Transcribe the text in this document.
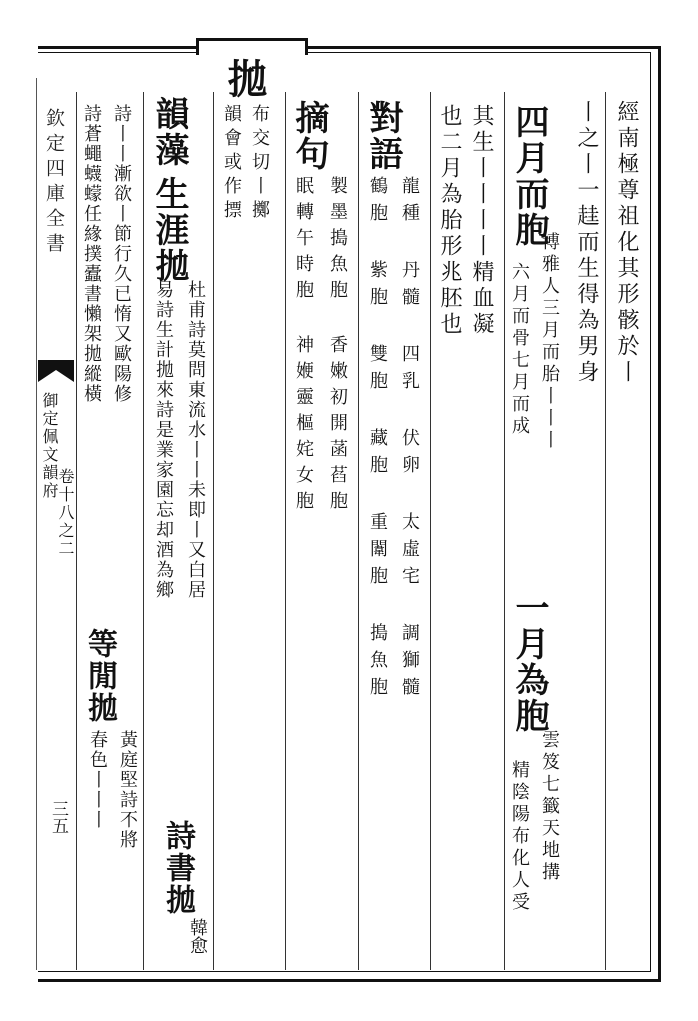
拋
欽定四庫全書
御定佩文韻府
卷十八之二
三五
經南極尊祖化其形骸於丨
丨之丨一䞨而生得為男身
四月而胞
博雅人三月而胎丨丨丨
六月而骨七月而成
一月為胞
雲笈七籤天地搆
精陰陽布化人受
其生丨丨丨丨精血凝
也二月為胎形兆胚也
對語
龍種 丹髓 四乳 伏卵 太虛宅 調獅髓
鶴胞 紫胞 雙胞 藏胞 重闈胞 搗魚胞
摘句
製墨搗魚胞 香嫩初開菡萏胞
眠轉午時胞 神㛹靈樞姹女胞
布交切丨擲
韻會或作摽
韻藻
生涯拋
杜甫詩莫問東流水丨丨未即丨又白居
易詩生計拋來詩是業家園忘却酒為鄉
詩書拋
韓愈
詩丨丨漸欲丨節行久已惰又歐陽修
詩蒼蠅蠛蠓任緣撲蠹書懶架拋縱橫
等閒拋
黃庭堅詩不將
春色丨丨丨
